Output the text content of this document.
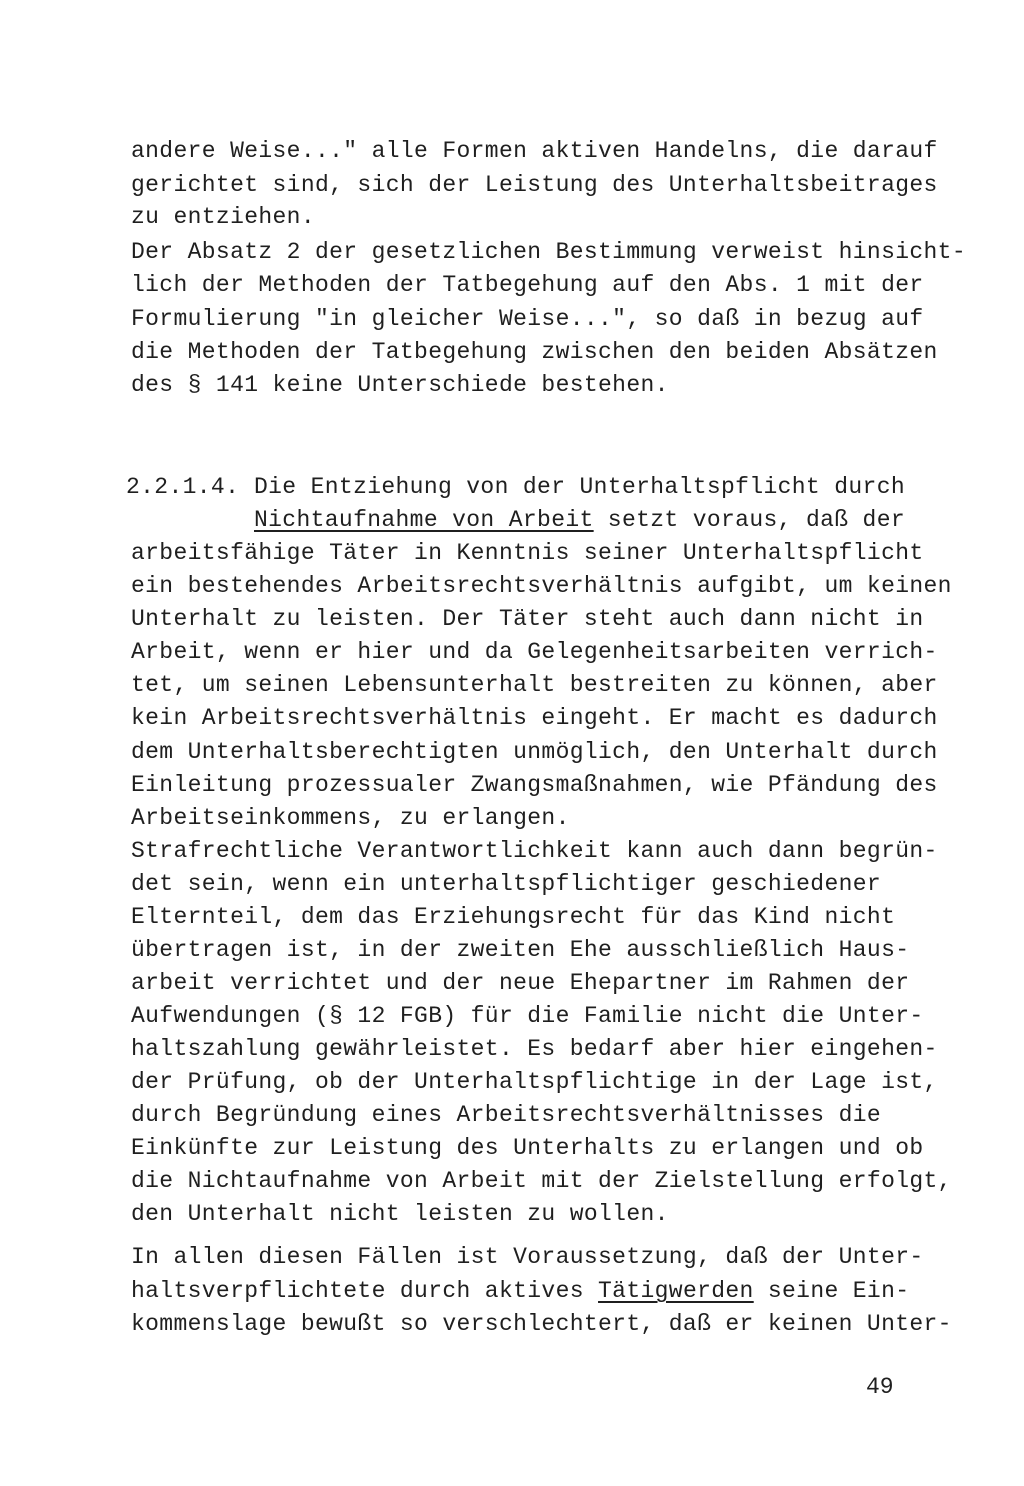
andere Weise..." alle Formen aktiven Handelns, die darauf
gerichtet sind, sich der Leistung des Unterhaltsbeitrages
zu entziehen.
Der Absatz 2 der gesetzlichen Bestimmung verweist hinsicht-
lich der Methoden der Tatbegehung auf den Abs. 1 mit der
Formulierung "in gleicher Weise...", so daß in bezug auf
die Methoden der Tatbegehung zwischen den beiden Absätzen
des § 141 keine Unterschiede bestehen.
2.2.1.4. Die Entziehung von der Unterhaltspflicht durch
Nichtaufnahme von Arbeit setzt voraus, daß der
arbeitsfähige Täter in Kenntnis seiner Unterhaltspflicht
ein bestehendes Arbeitsrechtsverhältnis aufgibt, um keinen
Unterhalt zu leisten. Der Täter steht auch dann nicht in
Arbeit, wenn er hier und da Gelegenheitsarbeiten verrich-
tet, um seinen Lebensunterhalt bestreiten zu können, aber
kein Arbeitsrechtsverhältnis eingeht. Er macht es dadurch
dem Unterhaltsberechtigten unmöglich, den Unterhalt durch
Einleitung prozessualer Zwangsmaßnahmen, wie Pfändung des
Arbeitseinkommens, zu erlangen.
Strafrechtliche Verantwortlichkeit kann auch dann begrün-
det sein, wenn ein unterhaltspflichtiger geschiedener
Elternteil, dem das Erziehungsrecht für das Kind nicht
übertragen ist, in der zweiten Ehe ausschließlich Haus-
arbeit verrichtet und der neue Ehepartner im Rahmen der
Aufwendungen (§ 12 FGB) für die Familie nicht die Unter-
haltszahlung gewährleistet. Es bedarf aber hier eingehen-
der Prüfung, ob der Unterhaltspflichtige in der Lage ist,
durch Begründung eines Arbeitsrechtsverhältnisses die
Einkünfte zur Leistung des Unterhalts zu erlangen und ob
die Nichtaufnahme von Arbeit mit der Zielstellung erfolgt,
den Unterhalt nicht leisten zu wollen.
In allen diesen Fällen ist Voraussetzung, daß der Unter-
haltsverpflichtete durch aktives Tätigwerden seine Ein-
kommenslage bewußt so verschlechtert, daß er keinen Unter-
49
